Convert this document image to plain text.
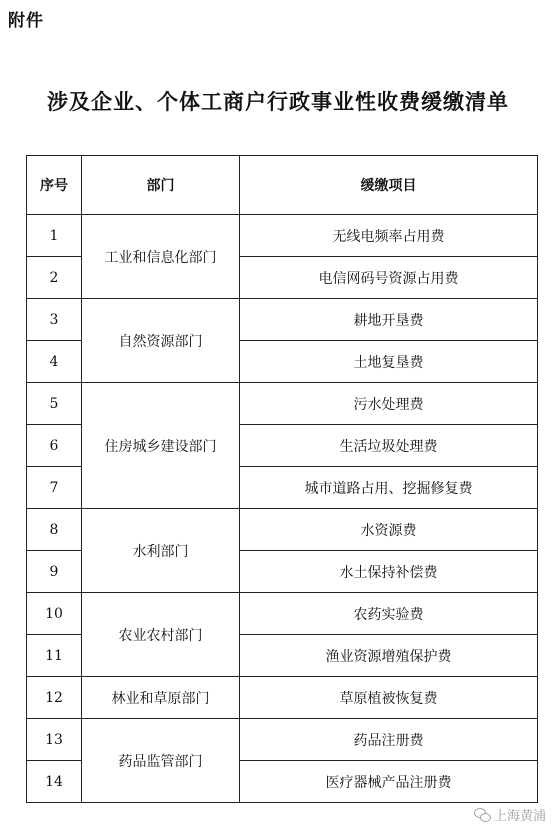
附件
涉及企业、个体工商户行政事业性收费缓缴清单
序号	部门	缓缴项目
1	工业和信息化部门	无线电频率占用费
2		电信网码号资源占用费
3	自然资源部门	耕地开垦费
4		土地复垦费
5	住房城乡建设部门	污水处理费
6		生活垃圾处理费
7		城市道路占用、挖掘修复费
8	水利部门	水资源费
9		水土保持补偿费
10	农业农村部门	农药实验费
11		渔业资源增殖保护费
12	林业和草原部门	草原植被恢复费
13	药品监管部门	药品注册费
14		医疗器械产品注册费
上海黄浦
